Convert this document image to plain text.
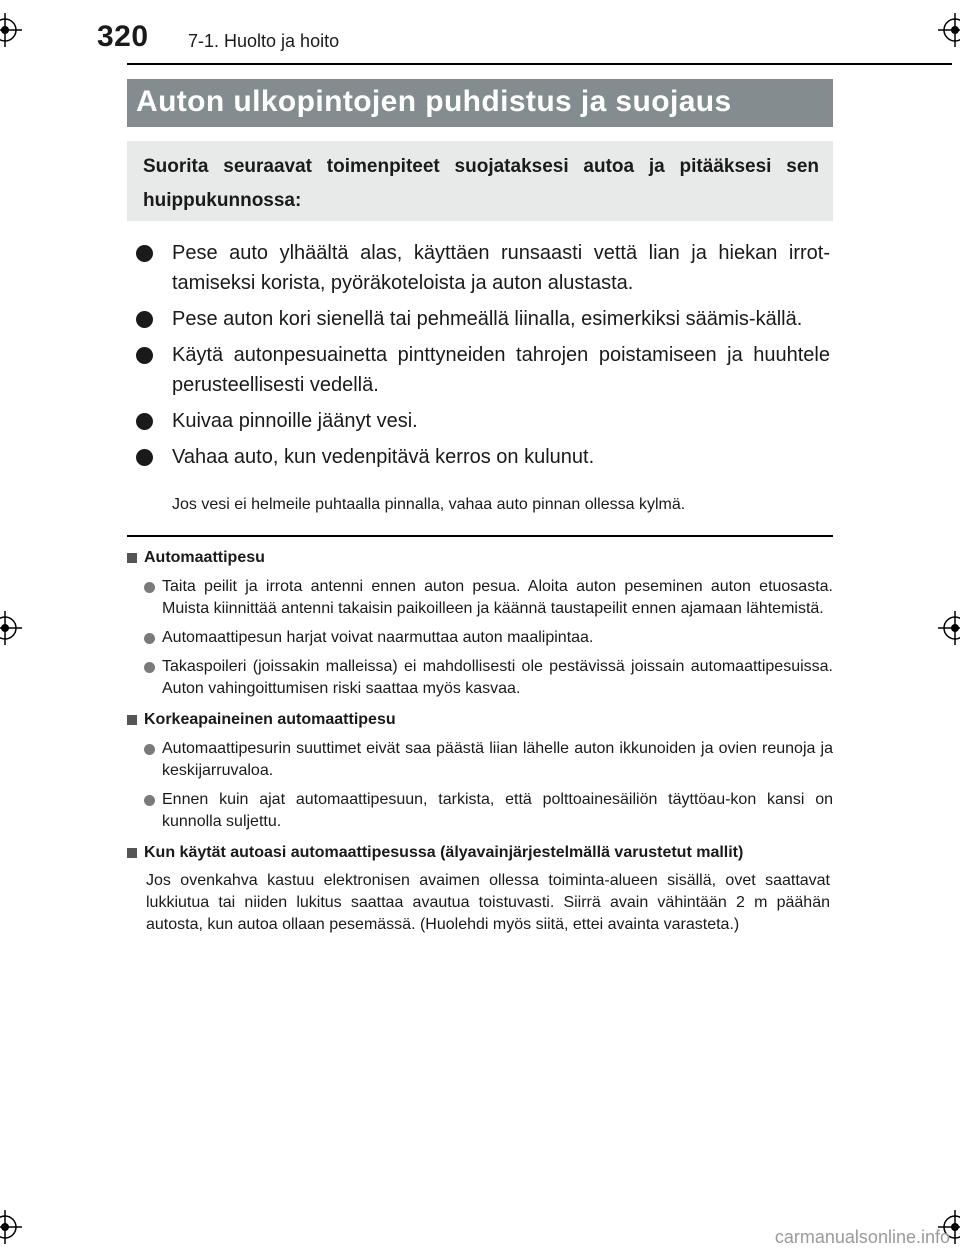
320 7-1. Huolto ja hoito
Auton ulkopintojen puhdistus ja suojaus
Suorita seuraavat toimenpiteet suojataksesi autoa ja pitääksesi sen huippukunnossa:
Pese auto ylhäältä alas, käyttäen runsaasti vettä lian ja hiekan irrot-tamiseksi korista, pyöräkoteloista ja auton alustasta.
Pese auton kori sienellä tai pehmeällä liinalla, esimerkiksi säämis-källä.
Käytä autonpesuainetta pinttyneiden tahrojen poistamiseen ja huuhtele perusteellisesti vedellä.
Kuivaa pinnoille jäänyt vesi.
Vahaa auto, kun vedenpitävä kerros on kulunut.
Jos vesi ei helmeile puhtaalla pinnalla, vahaa auto pinnan ollessa kylmä.
Automaattipesu
Taita peilit ja irrota antenni ennen auton pesua. Aloita auton peseminen auton etuosasta. Muista kiinnittää antenni takaisin paikoilleen ja käännä taustapeilit ennen ajamaan lähtemistä.
Automaattipesun harjat voivat naarmuttaa auton maalipintaa.
Takaspoileri (joissakin malleissa) ei mahdollisesti ole pestävissä joissain automaattipesuissa. Auton vahingoittumisen riski saattaa myös kasvaa.
Korkeapaineinen automaattipesu
Automaattipesurin suuttimet eivät saa päästä liian lähelle auton ikkunoiden ja ovien reunoja ja keskijarruvaloa.
Ennen kuin ajat automaattipesuun, tarkista, että polttoainesäiliön täyttöau-kon kansi on kunnolla suljettu.
Kun käytät autoasi automaattipesussa (älyavainjärjestelmällä varustetut mallit)
Jos ovenkahva kastuu elektronisen avaimen ollessa toiminta-alueen sisällä, ovet saattavat lukkiutua tai niiden lukitus saattaa avautua toistuvasti. Siirrä avain vähintään 2 m päähän autosta, kun autoa ollaan pesemässä. (Huolehdi myös siitä, ettei avainta varasteta.)
carmanualsonline.info
